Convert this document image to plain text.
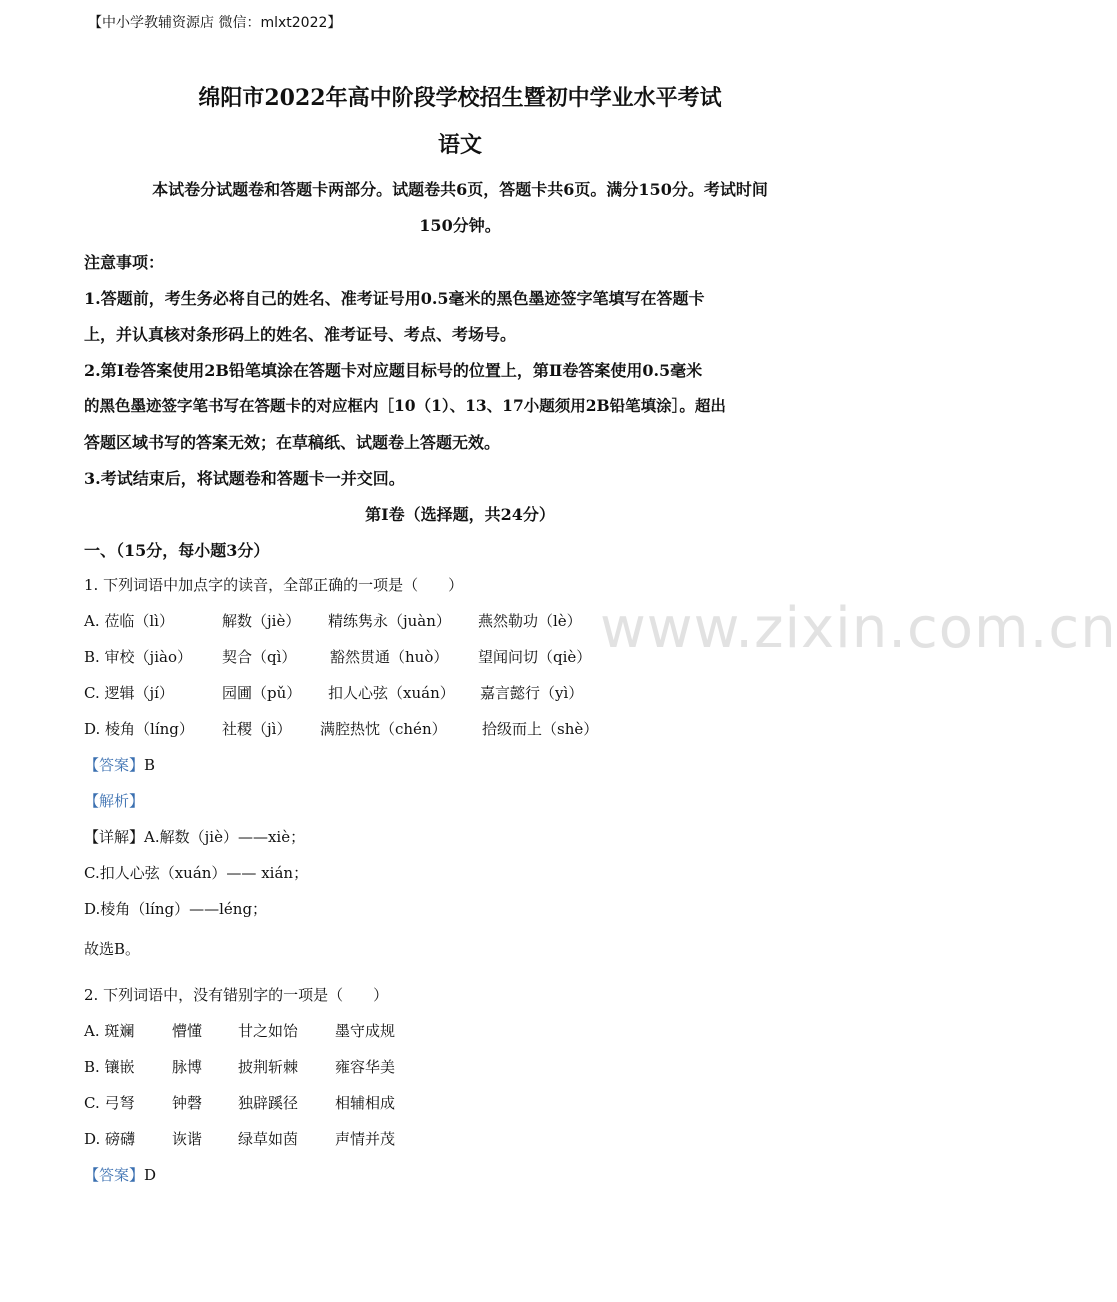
【中小学教辅资源店 微信：mlxt2022】
绵阳市2022年高中阶段学校招生暨初中学业水平考试
语文
本试卷分试题卷和答题卡两部分。试题卷共6页，答题卡共6页。满分150分。考试时间
150分钟。
注意事项：
1.答题前，考生务必将自己的姓名、准考证号用0.5毫米的黑色墨迹签字笔填写在答题卡
上，并认真核对条形码上的姓名、准考证号、考点、考场号。
2.第Ⅰ卷答案使用2B铅笔填涂在答题卡对应题目标号的位置上，第Ⅱ卷答案使用0.5毫米
的黑色墨迹签字笔书写在答题卡的对应框内［10（1）、13、17小题须用2B铅笔填涂］。超出
答题区域书写的答案无效；在草稿纸、试题卷上答题无效。
3.考试结束后，将试题卷和答题卡一并交回。
第Ⅰ卷（选择题，共24分）
一、（15分，每小题3分）
www.zixin.com.cn
1. 下列词语中加点字的读音，全部正确的一项是（　　）
A. 莅临（lì）	解数（jiè） 精练隽永（juàn） 燕然勒功（lè）
B. 审校（jiào） 契合（qì） 豁然贯通（huò） 望闻问切（qiè）
C. 逻辑（jí）	园圃（pǔ） 扣人心弦（xuán） 嘉言懿行（yì）
D. 棱角（líng） 社稷（jì） 满腔热忱（chén） 拾级而上（shè）
【答案】B
【解析】
【详解】A.解数（jiè）——xiè；
C.扣人心弦（xuán）—— xián；
D.棱角（líng）——léng；
故选B。
2. 下列词语中，没有错别字的一项是（　　）
A. 斑斓	懵懂 甘之如饴 墨守成规
B. 镶嵌 脉博 披荆斩棘 雍容华美
C. 弓弩	钟磬 独辟蹊径 相辅相成
D. 磅礴 诙谐 绿草如茵 声情并茂
【答案】D
